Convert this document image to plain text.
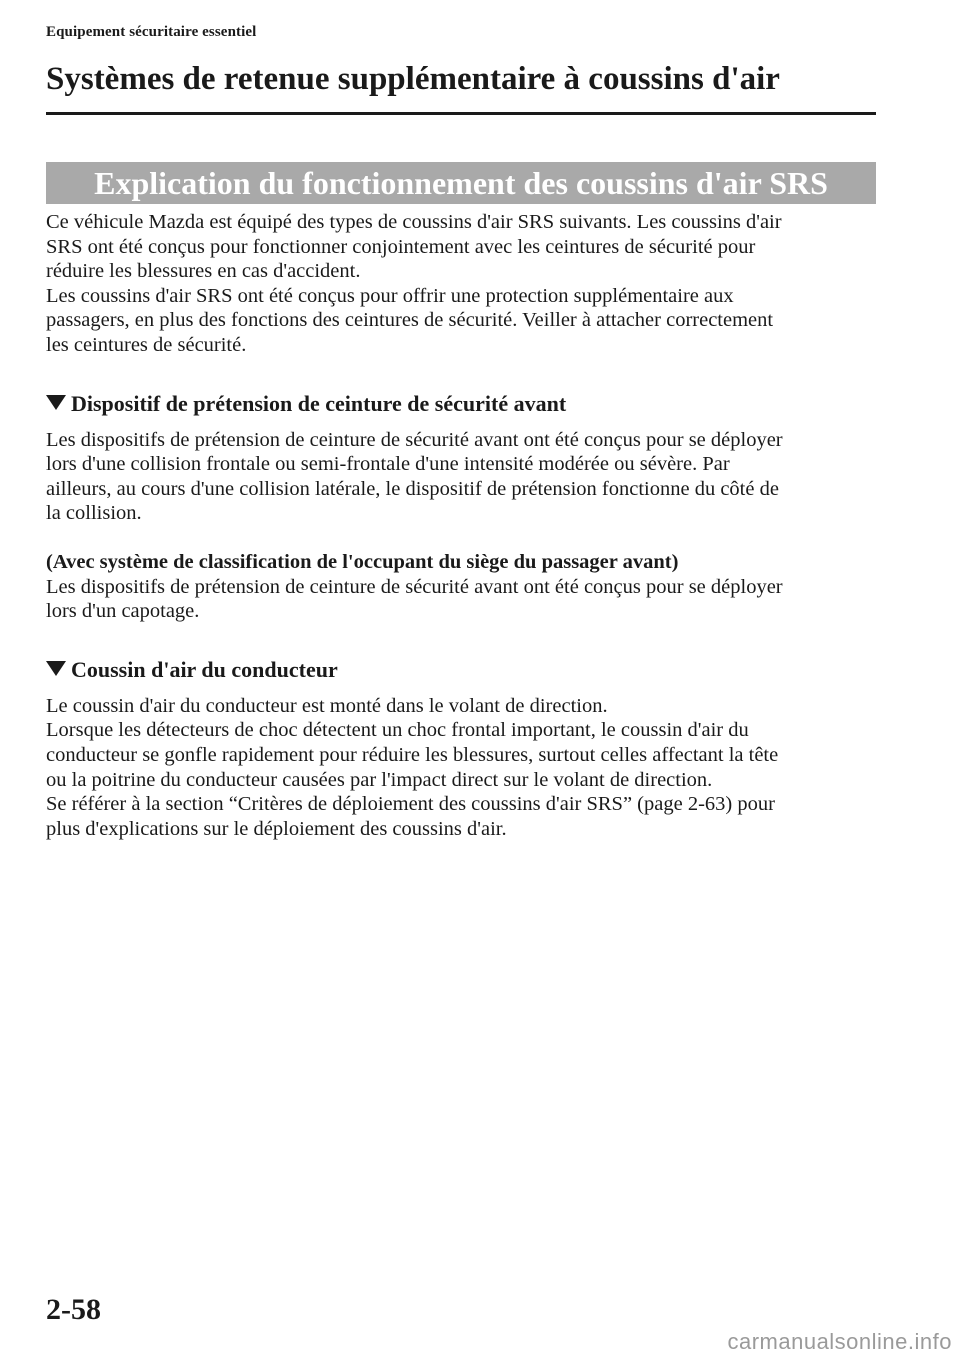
Equipement sécuritaire essentiel
Systèmes de retenue supplémentaire à coussins d'air
Explication du fonctionnement des coussins d'air SRS

Ce véhicule Mazda est équipé des types de coussins d'air SRS suivants. Les coussins d'air
SRS ont été conçus pour fonctionner conjointement avec les ceintures de sécurité pour
réduire les blessures en cas d'accident.
Les coussins d'air SRS ont été conçus pour offrir une protection supplémentaire aux
passagers, en plus des fonctions des ceintures de sécurité. Veiller à attacher correctement
les ceintures de sécurité.

Dispositif de prétension de ceinture de sécurité avant

Les dispositifs de prétension de ceinture de sécurité avant ont été conçus pour se déployer
lors d'une collision frontale ou semi-frontale d'une intensité modérée ou sévère. Par
ailleurs, au cours d'une collision latérale, le dispositif de prétension fonctionne du côté de
la collision.

(Avec système de classification de l'occupant du siège du passager avant)

Les dispositifs de prétension de ceinture de sécurité avant ont été conçus pour se déployer
lors d'un capotage.

Coussin d'air du conducteur

Le coussin d'air du conducteur est monté dans le volant de direction.
Lorsque les détecteurs de choc détectent un choc frontal important, le coussin d'air du
conducteur se gonfle rapidement pour réduire les blessures, surtout celles affectant la tête
ou la poitrine du conducteur causées par l'impact direct sur le volant de direction.
Se référer à la section “Critères de déploiement des coussins d'air SRS” (page 2-63) pour
plus d'explications sur le déploiement des coussins d'air.

2-58
carmanualsonline.info
